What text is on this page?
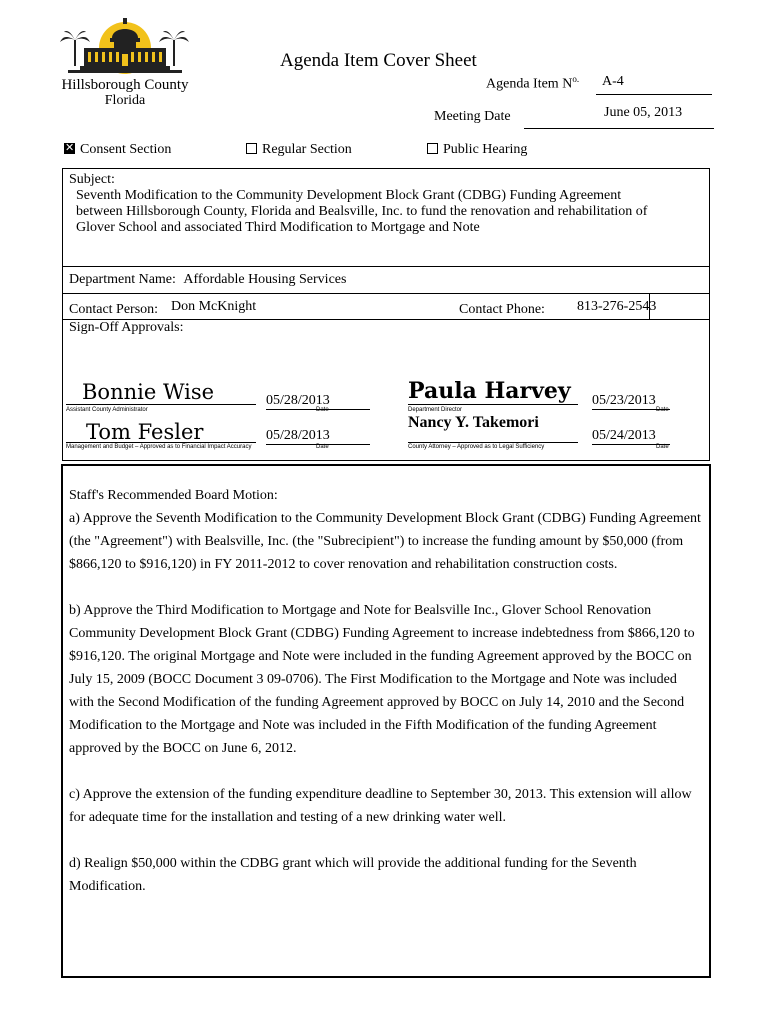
Hillsborough County
Florida
Agenda Item Cover Sheet
Agenda Item $N^{o.}$ A-4
Meeting Date	June 05, 2013
✕Consent Section	Regular Section	Public Hearing
Subject:
Seventh Modification to the Community Development Block Grant (CDBG) Funding Agreement
between Hillsborough County, Florida and Bealsville, Inc. to fund the renovation and rehabilitation of
Glover School and associated Third Modification to Mortgage and Note
Department Name: Affordable Housing Services
Contact Person: Don McKnight	Contact Phone: 813-276-2543
Sign-Off Approvals:
Bonnie Wise
Assistant County Administrator
05/28/2013
Date
Paula Harvey
Department Director
05/23/2013
Date
Tom Fesler
Management and Budget – Approved as to Financial Impact Accuracy
05/28/2013
Date
Nancy Y. Takemori
County Attorney – Approved as to Legal Sufficiency
05/24/2013
Date

Staff's Recommended Board Motion:

a) Approve the Seventh Modification to the Community Development Block Grant (CDBG) Funding Agreement (the "Agreement") with Bealsville, Inc. (the "Subrecipient") to increase the funding amount by $50,000 (from $866,120 to $916,120) in FY 2011-2012 to cover renovation and rehabilitation construction costs.

b) Approve the Third Modification to Mortgage and Note for Bealsville Inc., Glover School Renovation Community Development Block Grant (CDBG) Funding Agreement to increase indebtedness from $866,120 to $916,120. The original Mortgage and Note were included in the funding Agreement approved by the BOCC on July 15, 2009 (BOCC Document 3 09-0706). The First Modification to the Mortgage and Note was included with the Second Modification of the funding Agreement approved by BOCC on July 14, 2010 and the Second Modification to the Mortgage and Note was included in the Fifth Modification of the funding Agreement approved by the BOCC on June 6, 2012.

c) Approve the extension of the funding expenditure deadline to September 30, 2013. This extension will allow for adequate time for the installation and testing of a new drinking water well.

d) Realign $50,000 within the CDBG grant which will provide the additional funding for the Seventh Modification.
